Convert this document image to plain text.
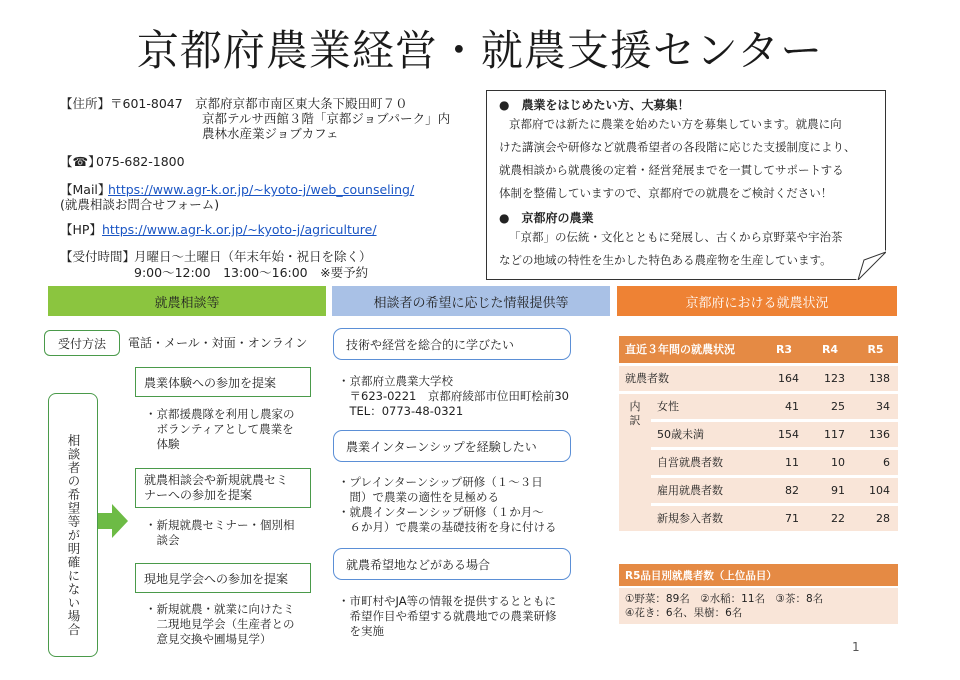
京都府農業経営・就農支援センター
【住所】 〒601-8047　京都府京都市南区東大条下殿田町７０
京都テルサ西館３階「京都ジョブパーク」内
農林水産業ジョブカフェ
【☎】
075-682-1800
【Mail】
https://www.agr-k.or.jp/~kyoto-j/web_counseling/
(就農相談お問合せフォーム)
【HP】 https://www.agr-k.or.jp/~kyoto-j/agriculture/
【受付時間】
月曜日～土曜日（年末年始・祝日を除く）
9:00～12:00　13:00～16:00　※要予約
●　農業をはじめたい方、大募集！
京都府では新たに農業を始めたい方を募集しています。就農に向
けた講演会や研修など就農希望者の各段階に応じた支援制度により、
就農相談から就農後の定着・経営発展までを一貫してサポートする
体制を整備していますので、京都府での就農をご検討ください！
●　京都府の農業
「京都」の伝統・文化とともに発展し、古くから京野菜や宇治茶
などの地域の特性を生かした特色ある農産物を生産しています。
就農相談等	相談者の希望に応じた情報提供等	京都府における就農状況
受付方法	電話・メール・対面・オンライン
相談者の希望等が明確にない場合
農業体験への参加を提案
・京都援農隊を利用し農家の
　ボランティアとして農業を
　体験
就農相談会や新規就農セミ
ナーへの参加を提案
・新規就農セミナー・個別相
　談会
現地見学会への参加を提案
・新規就農・就業に向けたミ
　二現地見学会（生産者との
　意見交換や圃場見学）
技術や経営を総合的に学びたい
・京都府立農業大学校
　〒623-0221　京都府綾部市位田町桧前30
　TEL：0773-48-0321
農業インターンシップを経験したい
・プレインターンシップ研修（１～３日
　間）で農業の適性を見極める
・就農インターンシップ研修（１か月～
　６か月）で農業の基礎技術を身に付ける
就農希望地などがある場合
・市町村やJA等の情報を提供するとともに
　希望作目や希望する就農地での農業研修
　を実施
直近３年間の就農状況		R3	R4	R5
就農者数		164	123	138

内訳	女性	41	25	34
	50歳未満	154	117	136
	自営就農者数	11	10	6
	雇用就農者数	82	91	104
	新規参入者数	71	22	28
R5品目別就農者数（上位品目）
①野菜：89名　②水稲：11名　③茶：8名
④花き：6名、果樹：6名
1
